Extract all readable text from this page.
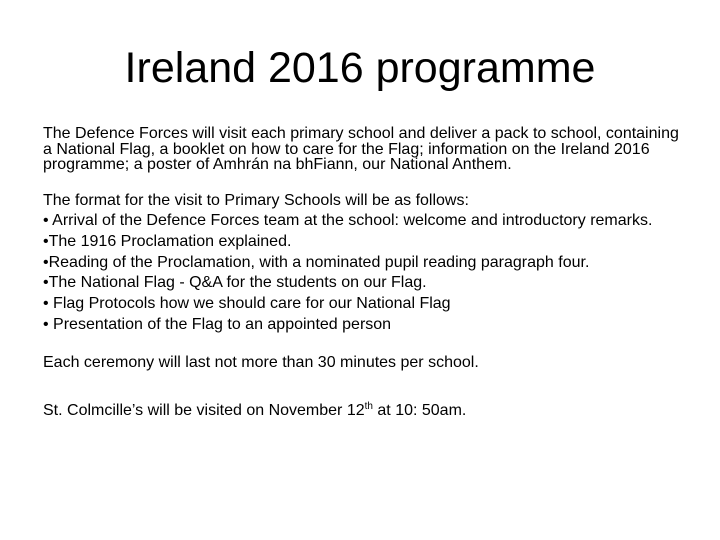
Ireland 2016 programme

The Defence Forces will visit each primary school and deliver a pack to school, containing a National Flag, a booklet on how to care for the Flag; information on the Ireland 2016 programme; a poster of Amhrán na bhFiann, our National Anthem.

The format for the visit to Primary Schools will be as follows:
• Arrival of the Defence Forces team at the school: welcome and introductory remarks.
•The 1916 Proclamation explained.
•Reading of the Proclamation, with a nominated pupil reading paragraph four.
•The National Flag - Q&A for the students on our Flag.
• Flag Protocols how we should care for our National Flag
• Presentation of the Flag to an appointed person

Each ceremony will last not more than 30 minutes per school.

St. Colmcille’s will be visited on November 12th at 10: 50am.
